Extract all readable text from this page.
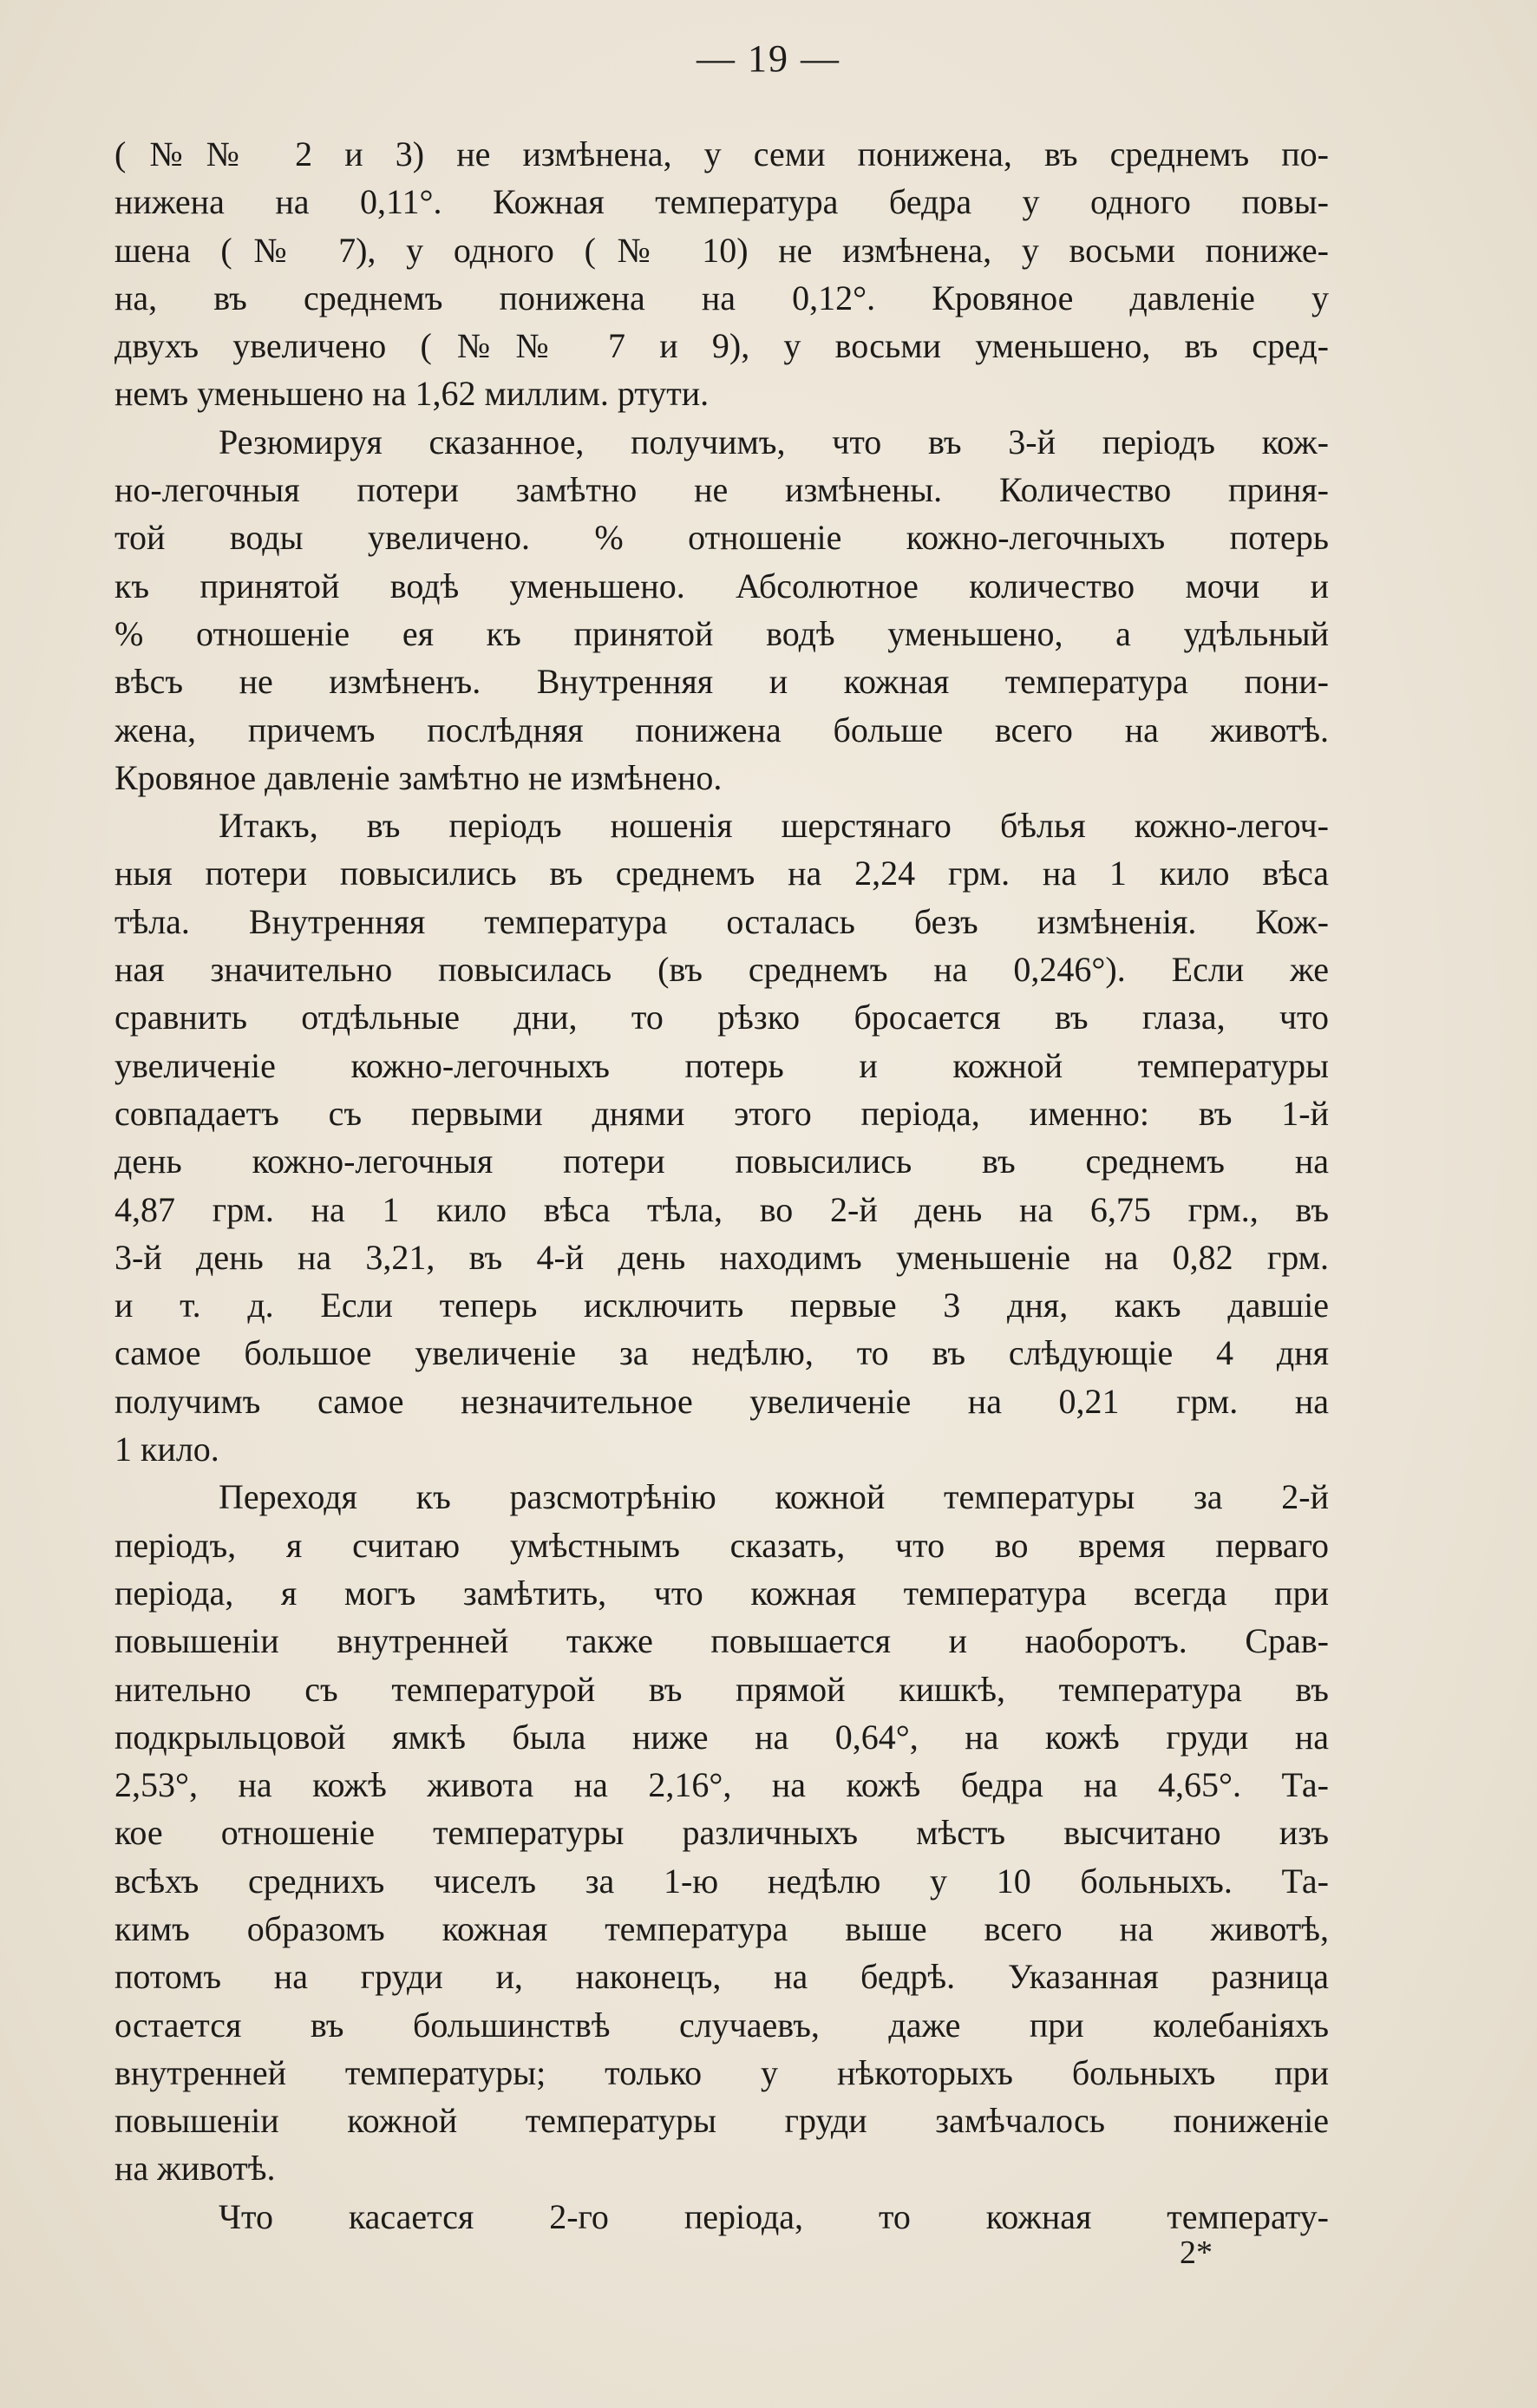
— 19 —
(№№ 2 и 3) не измѣнена, у семи понижена, въ среднемъ по-
нижена на 0,11°. Кожная температура бедра у одного повы-
шена (№ 7), у одного (№ 10) не измѣнена, у восьми пониже-
на, въ среднемъ понижена на 0,12°. Кровяное давленіе у
двухъ увеличено (№№ 7 и 9), у восьми уменьшено, въ сред-
немъ уменьшено на 1,62 миллим. ртути.
Резюмируя сказанное, получимъ, что въ 3-й періодъ кож-
но-легочныя потери замѣтно не измѣнены. Количество приня-
той воды увеличено. % отношеніе кожно-легочныхъ потерь
къ принятой водѣ уменьшено. Абсолютное количество мочи и
% отношеніе ея къ принятой водѣ уменьшено, а удѣльный
вѣсъ не измѣненъ. Внутренняя и кожная температура пони-
жена, причемъ послѣдняя понижена больше всего на животѣ.
Кровяное давленіе замѣтно не измѣнено.
Итакъ, въ періодъ ношенія шерстянаго бѣлья кожно-легоч-
ныя потери повысились въ среднемъ на 2,24 грм. на 1 кило вѣса
тѣла. Внутренняя температура осталась безъ измѣненія. Кож-
ная значительно повысилась (въ среднемъ на 0,246°). Если же
сравнить отдѣльные дни, то рѣзко бросается въ глаза, что
увеличеніе кожно-легочныхъ потерь и кожной температуры
совпадаетъ съ первыми днями этого періода, именно: въ 1-й
день кожно-легочныя потери повысились въ среднемъ на
4,87 грм. на 1 кило вѣса тѣла, во 2-й день на 6,75 грм., въ
3-й день на 3,21, въ 4-й день находимъ уменьшеніе на 0,82 грм.
и т. д. Если теперь исключить первые 3 дня, какъ давшіе
самое большое увеличеніе за недѣлю, то въ слѣдующіе 4 дня
получимъ самое незначительное увеличеніе на 0,21 грм. на
1 кило.
Переходя къ разсмотрѣнію кожной температуры за 2-й
періодъ, я считаю умѣстнымъ сказать, что во время перваго
періода, я могъ замѣтить, что кожная температура всегда при
повышеніи внутренней также повышается и наоборотъ. Срав-
нительно съ температурой въ прямой кишкѣ, температура въ
подкрыльцовой ямкѣ была ниже на 0,64°, на кожѣ груди на
2,53°, на кожѣ живота на 2,16°, на кожѣ бедра на 4,65°. Та-
кое отношеніе температуры различныхъ мѣстъ высчитано изъ
всѣхъ среднихъ чиселъ за 1-ю недѣлю у 10 больныхъ. Та-
кимъ образомъ кожная температура выше всего на животѣ,
потомъ на груди и, наконецъ, на бедрѣ. Указанная разница
остается въ большинствѣ случаевъ, даже при колебаніяхъ
внутренней температуры; только у нѣкоторыхъ больныхъ при
повышеніи кожной температуры груди замѣчалось пониженіе
на животѣ.
Что касается 2-го періода, то кожная температу-
2*
